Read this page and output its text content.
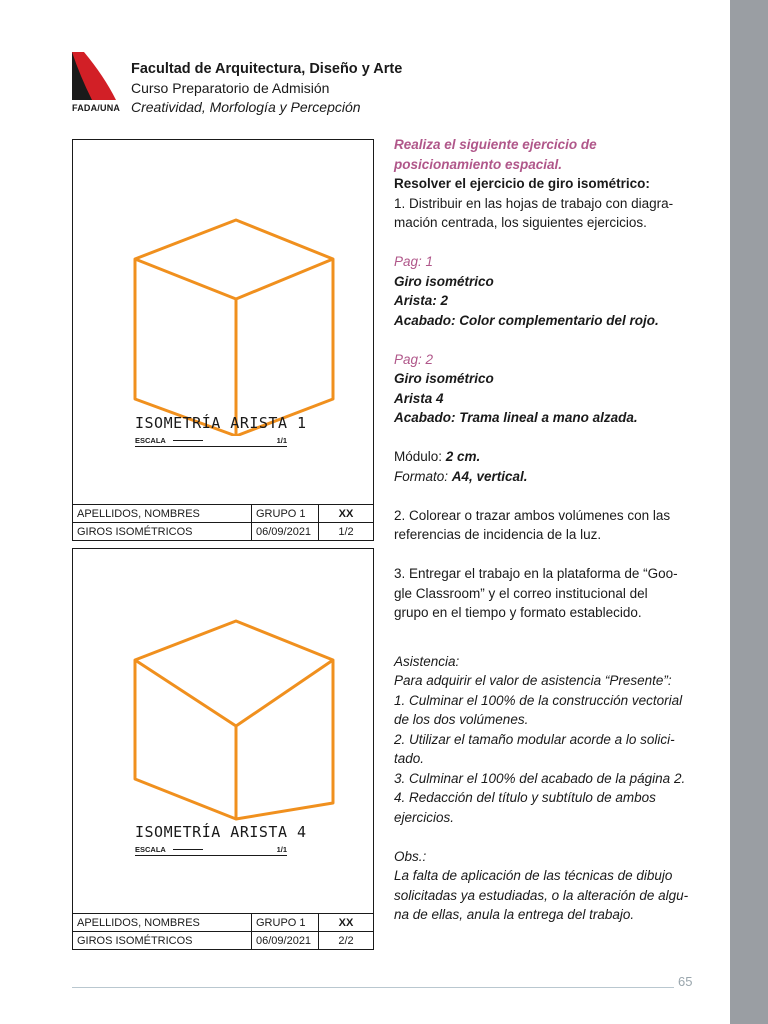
FADA/UNA
Facultad de Arquitectura, Diseño y Arte
Curso Preparatorio de Admisión
Creatividad, Morfología y Percepción
ISOMETRÍA ARISTA 1
ESCALA	1/1
APELLIDOS, NOMBRES	GRUPO 1	XX
GIROS ISOMÉTRICOS	06/09/2021	1/2
ISOMETRÍA ARISTA 4
ESCALA	1/1
APELLIDOS, NOMBRES	GRUPO 1	XX
GIROS ISOMÉTRICOS	06/09/2021	2/2

Realiza el siguiente ejercicio de

posicionamiento espacial.

Resolver el ejercicio de giro isométrico:

1. Distribuir en las hojas de trabajo con diagra-

mación centrada, los siguientes ejercicios.

Pag: 1

Giro isométrico

Arista: 2

Acabado: Color complementario del rojo.

Pag: 2

Giro isométrico

Arista 4

Acabado: Trama lineal a mano alzada.

Módulo: 2 cm.

Formato: A4, vertical.

2. Colorear o trazar ambos volúmenes con las

referencias de incidencia de la luz.

3. Entregar el trabajo en la plataforma de “Goo-

gle Classroom” y el correo institucional del

grupo en el tiempo y formato establecido.

Asistencia:

Para adquirir el valor de asistencia “Presente”:

1. Culminar el 100% de la construcción vectorial

de los dos volúmenes.

2. Utilizar el tamaño modular acorde a lo solici-

tado.

3. Culminar el 100% del acabado de la página 2.

4. Redacción del título y subtítulo de ambos

ejercicios.

Obs.:

La falta de aplicación de las técnicas de dibujo

solicitadas ya estudiadas, o la alteración de algu-

na de ellas, anula la entrega del trabajo.

65
